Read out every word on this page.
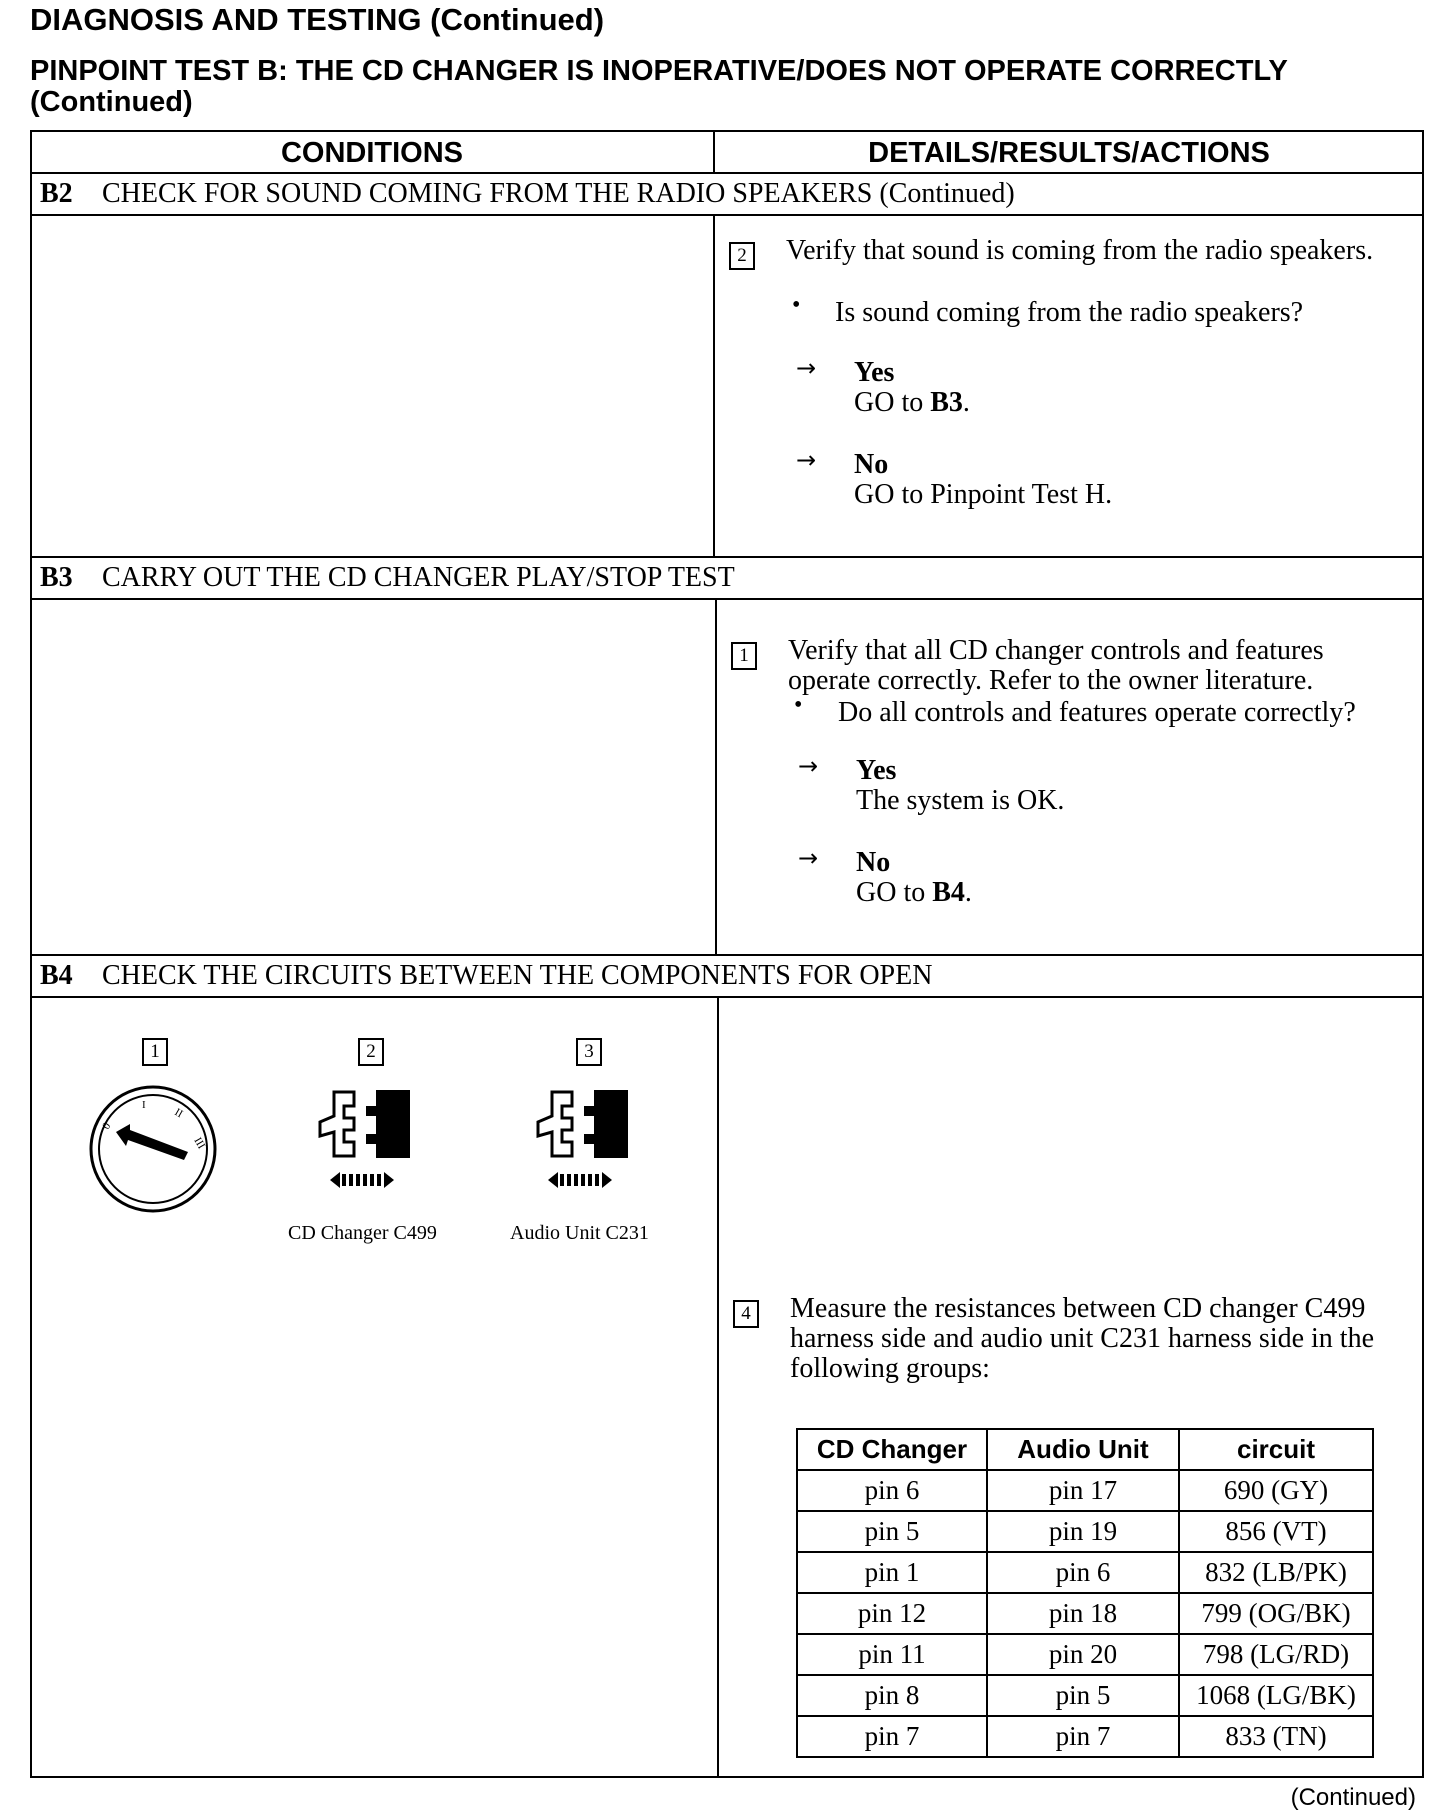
DIAGNOSIS AND TESTING (Continued)
PINPOINT TEST B: THE CD CHANGER IS INOPERATIVE/DOES NOT OPERATE CORRECTLY (Continued)
CONDITIONS	DETAILS/RESULTS/ACTIONS
B2 CHECK FOR SOUND COMING FROM THE RADIO SPEAKERS (Continued)
2 Verify that sound is coming from the radio speakers.
• Is sound coming from the radio speakers?
→ Yes
GO to B3.
→ No
GO to Pinpoint Test H.
B3 CARRY OUT THE CD CHANGER PLAY/STOP TEST
1 Verify that all CD changer controls and features operate correctly. Refer to the owner literature.
• Do all controls and features operate correctly?
→ Yes
The system is OK.
→ No
GO to B4.
B4 CHECK THE CIRCUITS BETWEEN THE COMPONENTS FOR OPEN
1	2	3
0
I
II
III
CD Changer C499	Audio Unit C231
4 Measure the resistances between CD changer C499 harness side and audio unit C231 harness side in the following groups:
CD Changer	Audio Unit	circuit
pin 6	pin 17	690 (GY)
pin 5	pin 19	856 (VT)
pin 1	pin 6	832 (LB/PK)
pin 12	pin 18	799 (OG/BK)
pin 11	pin 20	798 (LG/RD)
pin 8	pin 5	1068 (LG/BK)
pin 7	pin 7	833 (TN)
(Continued)
